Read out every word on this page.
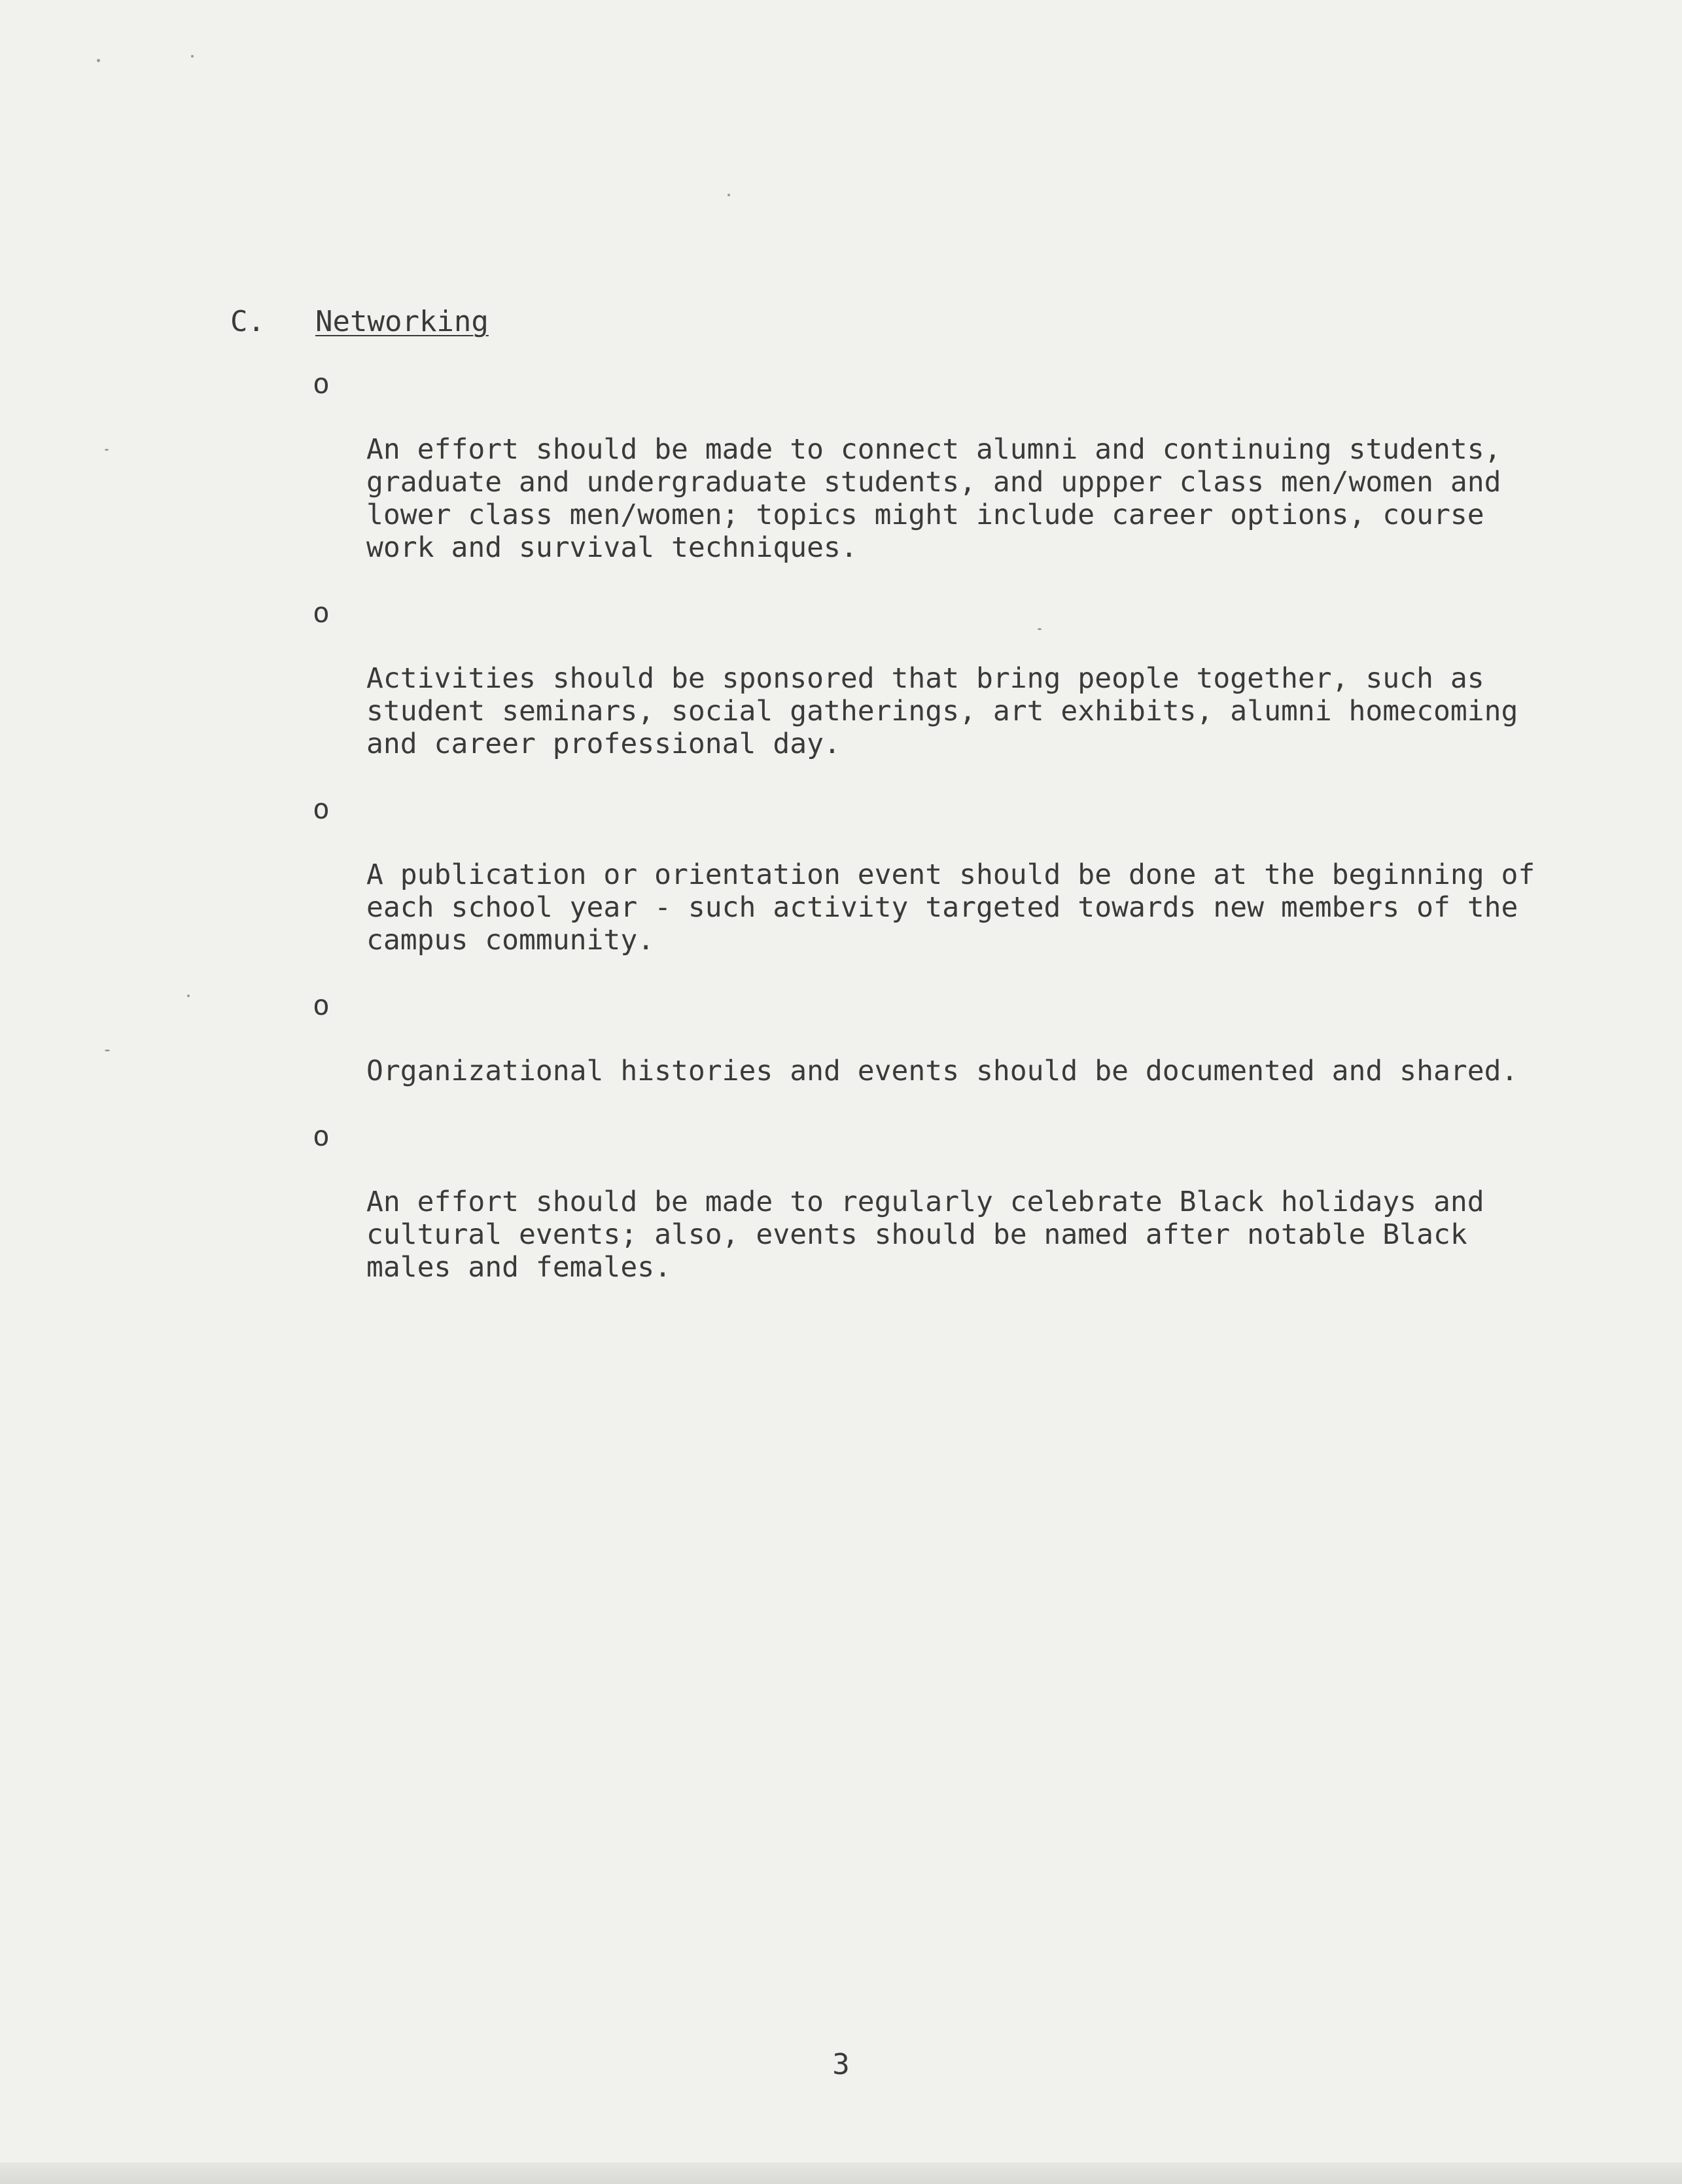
C. Networking

o

An effort should be made to connect alumni and continuing students,
graduate and undergraduate students, and uppper class men/women and
lower class men/women; topics might include career options, course
work and survival techniques.

o

Activities should be sponsored that bring people together, such as
student seminars, social gatherings, art exhibits, alumni homecoming
and career professional day.

o

A publication or orientation event should be done at the beginning of
each school year - such activity targeted towards new members of the
campus community.

o

Organizational histories and events should be documented and shared.

o

An effort should be made to regularly celebrate Black holidays and
cultural events; also, events should be named after notable Black
males and females.

3
